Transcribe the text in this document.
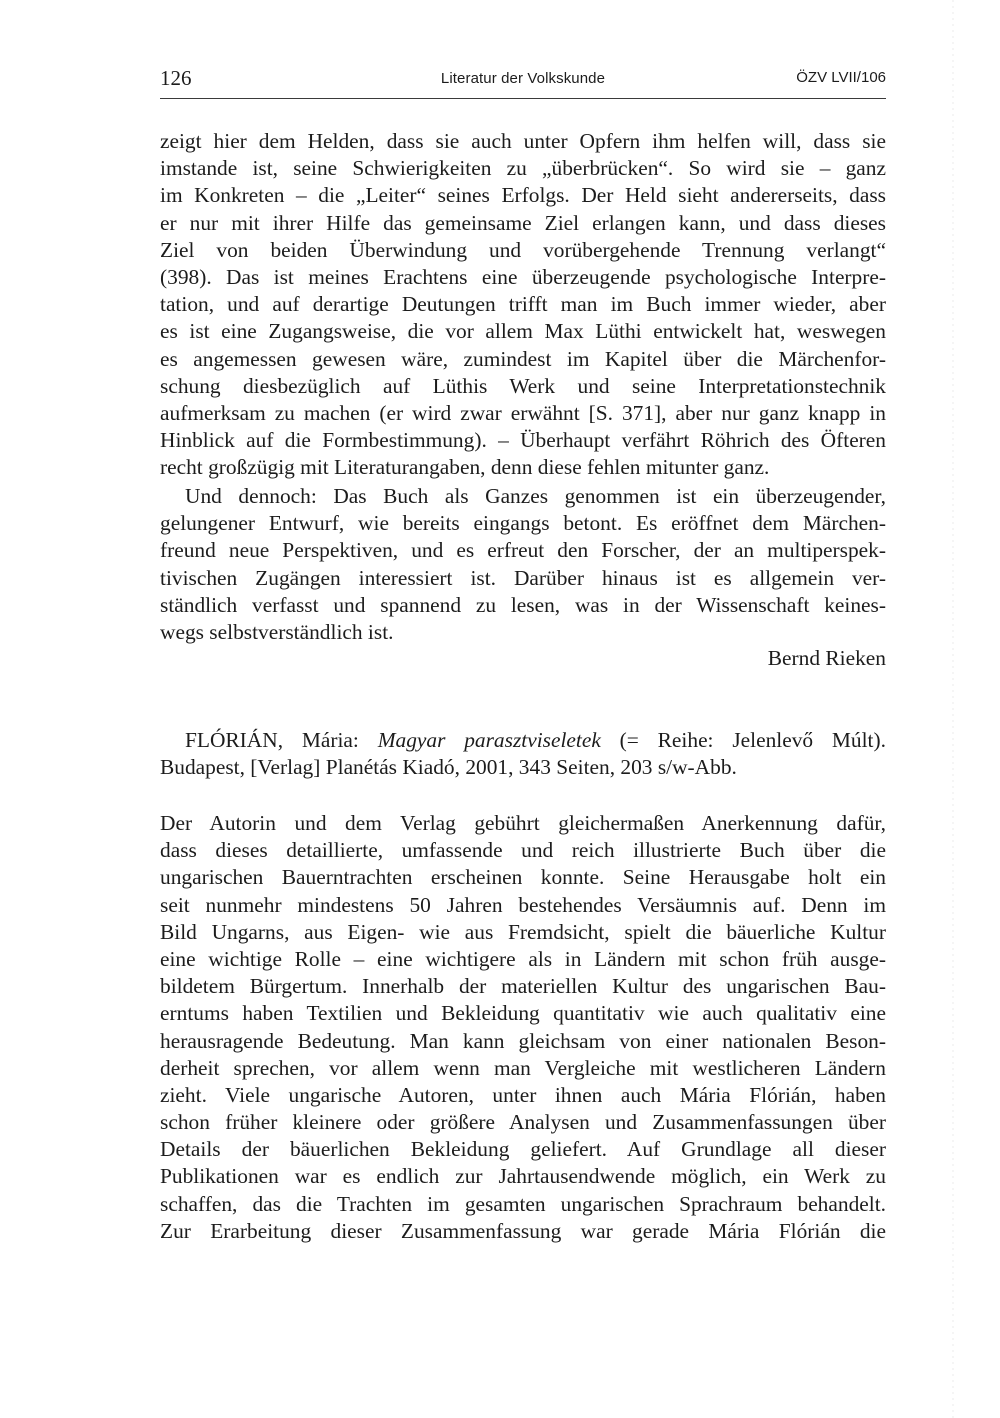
126	Literatur der Volkskunde	ÖZV LVII/106
zeigt hier dem Helden, dass sie auch unter Opfern ihm helfen will, dass sie
imstande ist, seine Schwierigkeiten zu „überbrücken“. So wird sie – ganz
im Konkreten – die „Leiter“ seines Erfolgs. Der Held sieht andererseits, dass
er nur mit ihrer Hilfe das gemeinsame Ziel erlangen kann, und dass dieses
Ziel von beiden Überwindung und vorübergehende Trennung verlangt“
(398). Das ist meines Erachtens eine überzeugende psychologische Interpre-
tation, und auf derartige Deutungen trifft man im Buch immer wieder, aber
es ist eine Zugangsweise, die vor allem Max Lüthi entwickelt hat, weswegen
es angemessen gewesen wäre, zumindest im Kapitel über die Märchenfor-
schung diesbezüglich auf Lüthis Werk und seine Interpretationstechnik
aufmerksam zu machen (er wird zwar erwähnt [S. 371], aber nur ganz knapp in
Hinblick auf die Formbestimmung). – Überhaupt verfährt Röhrich des Öfteren
recht großzügig mit Literaturangaben, denn diese fehlen mitunter ganz.
Und dennoch: Das Buch als Ganzes genommen ist ein überzeugender,
gelungener Entwurf, wie bereits eingangs betont. Es eröffnet dem Märchen-
freund neue Perspektiven, und es erfreut den Forscher, der an multiperspek-
tivischen Zugängen interessiert ist. Darüber hinaus ist es allgemein ver-
ständlich verfasst und spannend zu lesen, was in der Wissenschaft keines-
wegs selbstverständlich ist.
Bernd Rieken
FLÓRIÁN, Mária: Magyar parasztviseletek (= Reihe: Jelenlevő Múlt).
Budapest, [Verlag] Planétás Kiadó, 2001, 343 Seiten, 203 s/w-Abb.
Der Autorin und dem Verlag gebührt gleichermaßen Anerkennung dafür,
dass dieses detaillierte, umfassende und reich illustrierte Buch über die
ungarischen Bauerntrachten erscheinen konnte. Seine Herausgabe holt ein
seit nunmehr mindestens 50 Jahren bestehendes Versäumnis auf. Denn im
Bild Ungarns, aus Eigen- wie aus Fremdsicht, spielt die bäuerliche Kultur
eine wichtige Rolle – eine wichtigere als in Ländern mit schon früh ausge-
bildetem Bürgertum. Innerhalb der materiellen Kultur des ungarischen Bau-
erntums haben Textilien und Bekleidung quantitativ wie auch qualitativ eine
herausragende Bedeutung. Man kann gleichsam von einer nationalen Beson-
derheit sprechen, vor allem wenn man Vergleiche mit westlicheren Ländern
zieht. Viele ungarische Autoren, unter ihnen auch Mária Flórián, haben
schon früher kleinere oder größere Analysen und Zusammenfassungen über
Details der bäuerlichen Bekleidung geliefert. Auf Grundlage all dieser
Publikationen war es endlich zur Jahrtausendwende möglich, ein Werk zu
schaffen, das die Trachten im gesamten ungarischen Sprachraum behandelt.
Zur Erarbeitung dieser Zusammenfassung war gerade Mária Flórián die
